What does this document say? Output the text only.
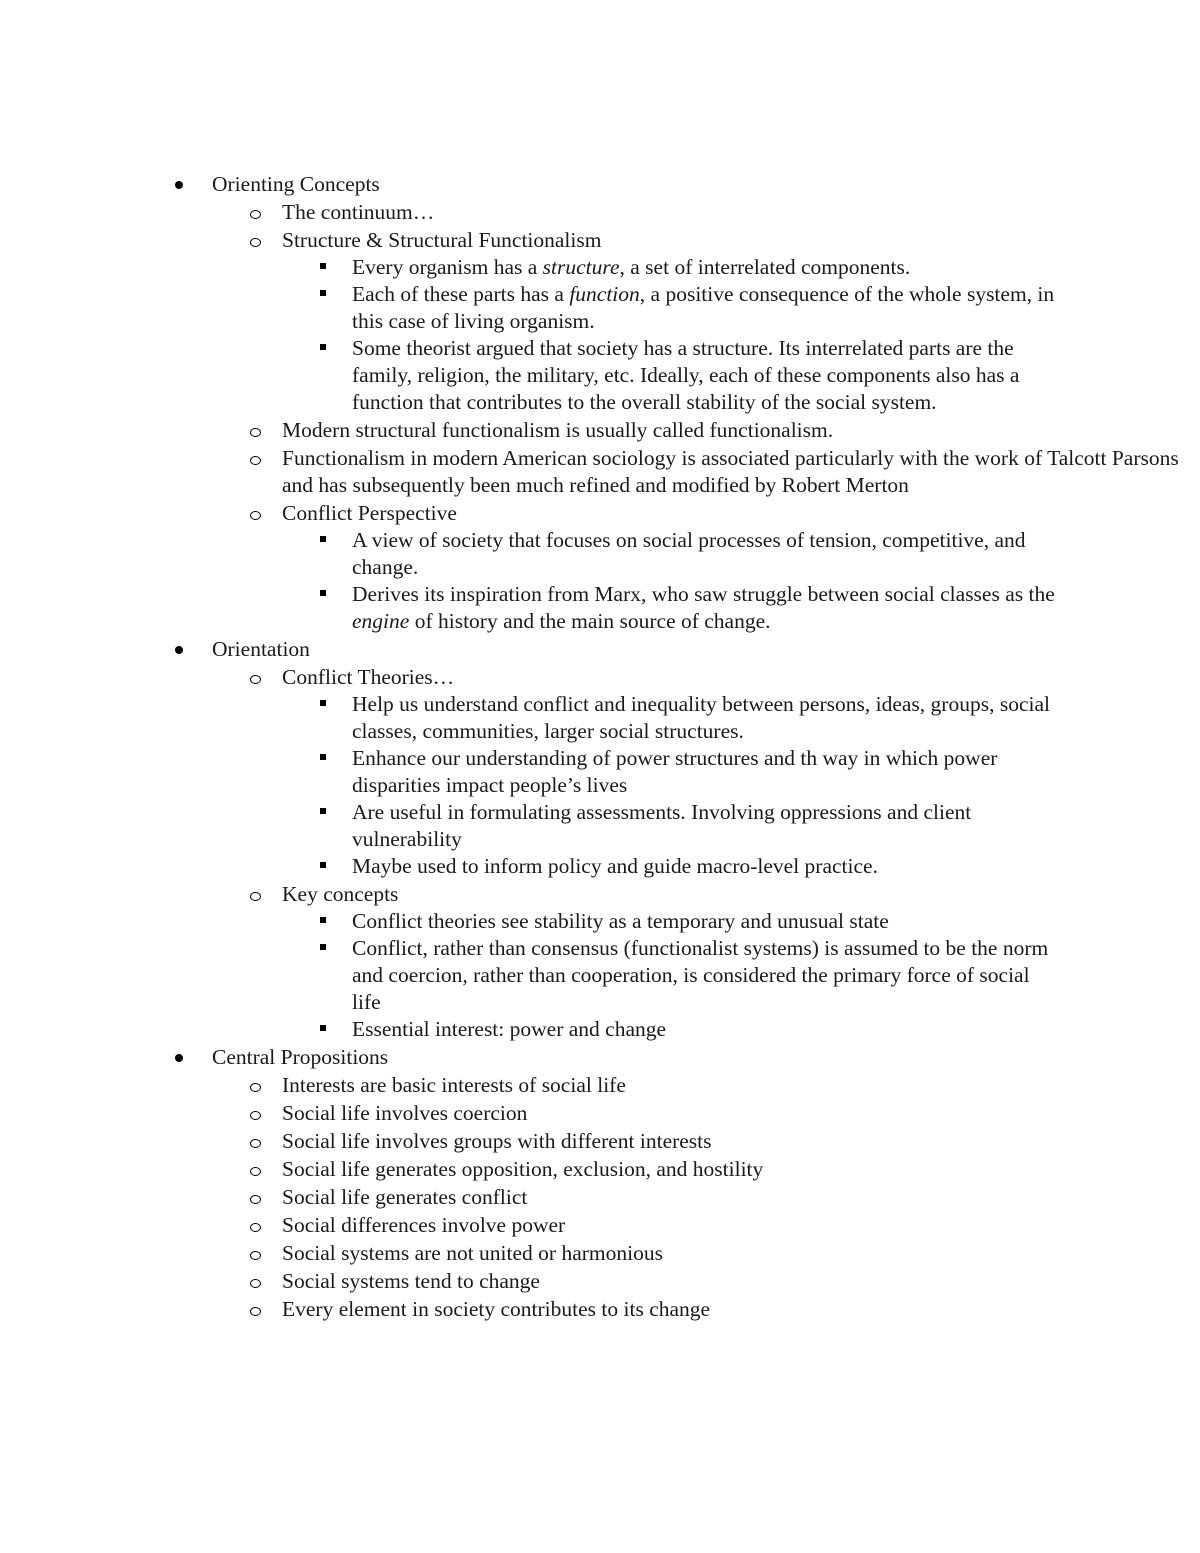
Orienting Concepts
The continuum…
Structure & Structural Functionalism
Every organism has a structure, a set of interrelated components.
Each of these parts has a function, a positive consequence of the whole system, in this case of living organism.
Some theorist argued that society has a structure. Its interrelated parts are the family, religion, the military, etc. Ideally, each of these components also has a function that contributes to the overall stability of the social system.
Modern structural functionalism is usually called functionalism.
Functionalism in modern American sociology is associated particularly with the work of Talcott Parsons and has subsequently been much refined and modified by Robert Merton
Conflict Perspective
A view of society that focuses on social processes of tension, competitive, and change.
Derives its inspiration from Marx, who saw struggle between social classes as the engine of history and the main source of change.
Orientation
Conflict Theories…
Help us understand conflict and inequality between persons, ideas, groups, social classes, communities, larger social structures.
Enhance our understanding of power structures and th way in which power disparities impact people’s lives
Are useful in formulating assessments. Involving oppressions and client vulnerability
Maybe used to inform policy and guide macro-level practice.
Key concepts
Conflict theories see stability as a temporary and unusual state
Conflict, rather than consensus (functionalist systems) is assumed to be the norm and coercion, rather than cooperation, is considered the primary force of social life
Essential interest: power and change
Central Propositions
Interests are basic interests of social life
Social life involves coercion
Social life involves groups with different interests
Social life generates opposition, exclusion, and hostility
Social life generates conflict
Social differences involve power
Social systems are not united or harmonious
Social systems tend to change
Every element in society contributes to its change
